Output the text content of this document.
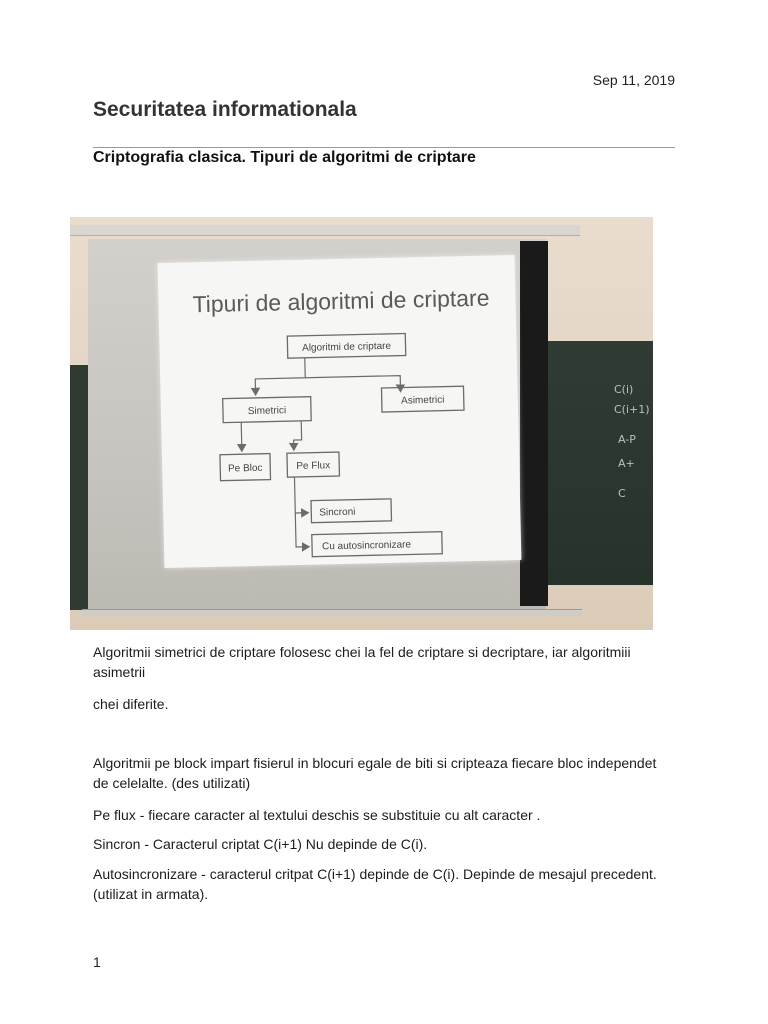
Sep 11, 2019
Securitatea informationala
Criptografia clasica. Tipuri de algoritmi de criptare
C(i)
C(i+1)
A-P
A+
C
Tipuri de algoritmi de criptare
Algoritmi de criptare
Simetrici
Asimetrici
Pe Bloc	Pe Flux
Sincroni
Cu autosincronizare

Algoritmii simetrici de criptare folosesc chei la fel de criptare si decriptare, iar algoritmiii asimetrii

chei diferite.

Algoritmii pe block impart fisierul in blocuri egale de biti si cripteaza fiecare bloc independet de celelalte. (des utilizati)

Pe flux - fiecare caracter al textului deschis se substituie cu alt caracter .

Sincron - Caracterul criptat C(i+1) Nu depinde de C(i).

Autosincronizare - caracterul critpat C(i+1) depinde de C(i). Depinde de mesajul precedent. (utilizat in armata).

1
